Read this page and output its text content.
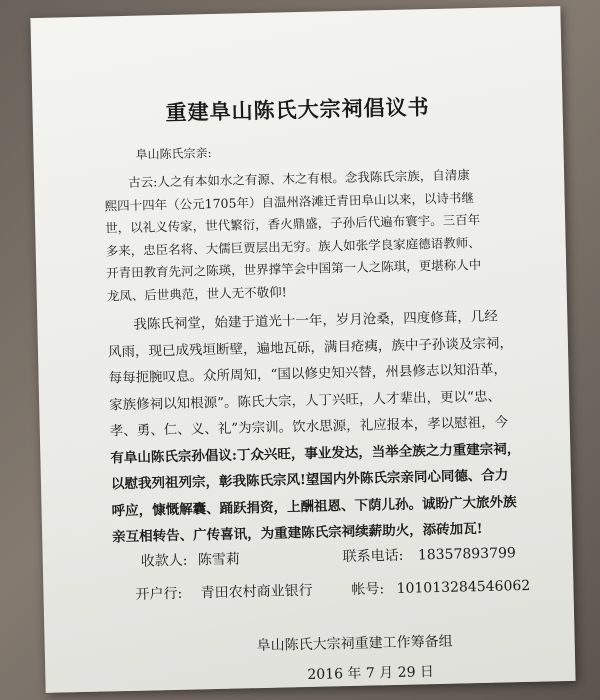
重建阜山陈氏大宗祠倡议书
阜山陈氏宗亲:

古云:人之有本如水之有源、木之有根。念我陈氏宗族，自清康

熙四十四年（公元1705年）自温州洛滩迁青田阜山以来，以诗书继

世，以礼义传家，世代繁衍，香火鼎盛，子孙后代遍布寰宇。三百年

多来，忠臣名将、大儒巨贾层出无穷。族人如张学良家庭德语教师、

开青田教育先河之陈瑛，世界撑竿会中国第一人之陈琪，更堪称人中

龙凤、后世典范，世人无不敬仰!

我陈氏祠堂，始建于道光十一年，岁月沧桑，四度修葺，几经

风雨，现已成残垣断壁，遍地瓦砾，满目疮痍，族中子孙谈及宗祠，

每每扼腕叹息。众所周知，“国以修史知兴替，州县修志以知沿革，

家族修祠以知根源”。陈氏大宗，人丁兴旺，人才辈出，更以“忠、

孝、勇、仁、义、礼”为宗训。饮水思源，礼应报本，孝以慰祖，今

有阜山陈氏宗孙倡议:丁众兴旺，事业发达，当举全族之力重建宗祠，

以慰我列祖列宗，彰我陈氏宗风!望国内外陈氏宗亲同心同德、合力

呼应，慷慨解囊、踊跃捐资，上酬祖恩、下荫儿孙。诚盼广大旅外族

亲互相转告、广传喜讯，为重建陈氏宗祠续薪助火，添砖加瓦!

收款人: 陈雪莉	联系电话: 18357893799
开户行: 青田农村商业银行	帐号: 101013284546062
阜山陈氏大宗祠重建工作筹备组
2016 年 7 月 29 日
